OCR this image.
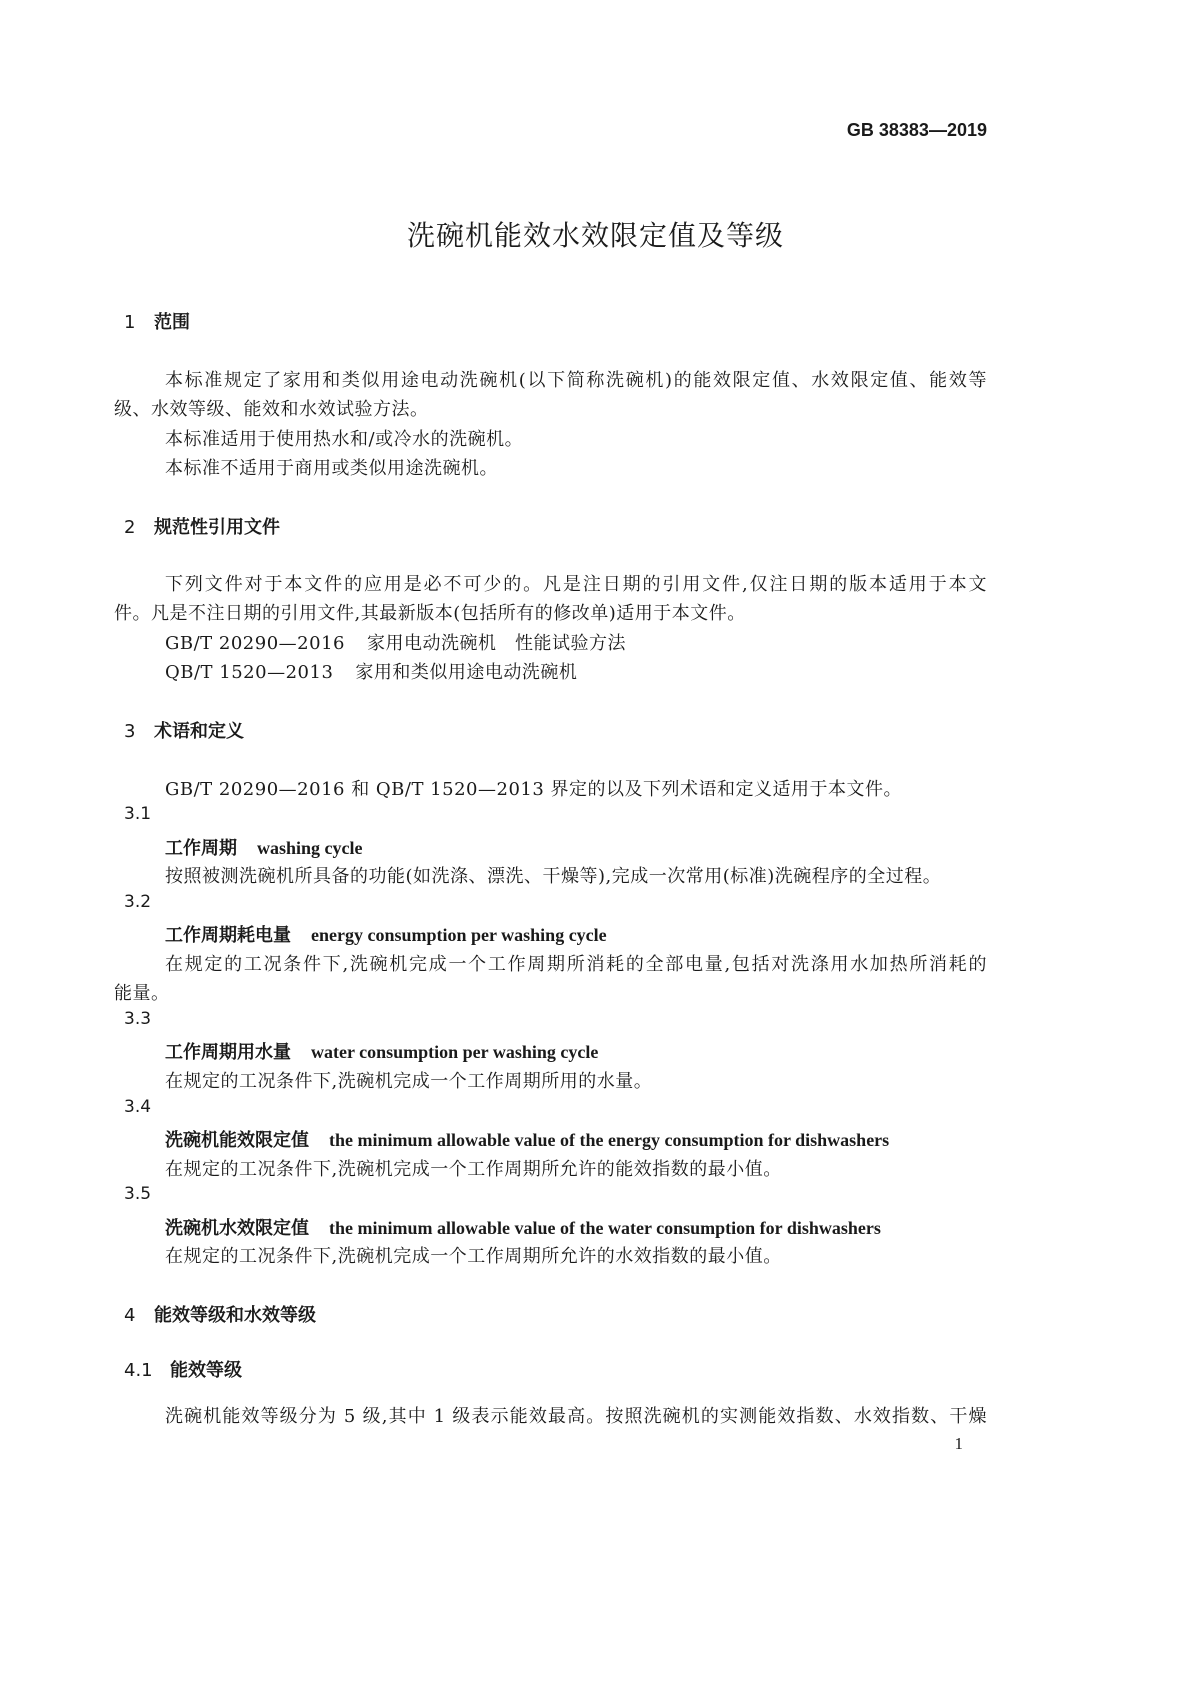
GB 38383—2019
洗碗机能效水效限定值及等级
1 范围
本标准规定了家用和类似用途电动洗碗机(以下简称洗碗机)的能效限定值、水效限定值、能效等
级、水效等级、能效和水效试验方法。
本标准适用于使用热水和/或冷水的洗碗机。
本标准不适用于商用或类似用途洗碗机。
2 规范性引用文件
下列文件对于本文件的应用是必不可少的。凡是注日期的引用文件,仅注日期的版本适用于本文
件。凡是不注日期的引用文件,其最新版本(包括所有的修改单)适用于本文件。
GB/T 20290—2016 家用电动洗碗机　性能试验方法
QB/T 1520—2013 家用和类似用途电动洗碗机
3 术语和定义
GB/T 20290—2016 和 QB/T 1520—2013 界定的以及下列术语和定义适用于本文件。
3.1
工作周期 washing cycle
按照被测洗碗机所具备的功能(如洗涤、漂洗、干燥等),完成一次常用(标准)洗碗程序的全过程。
3.2
工作周期耗电量 energy consumption per washing cycle
在规定的工况条件下,洗碗机完成一个工作周期所消耗的全部电量,包括对洗涤用水加热所消耗的
能量。
3.3
工作周期用水量 water consumption per washing cycle
在规定的工况条件下,洗碗机完成一个工作周期所用的水量。
3.4
洗碗机能效限定值 the minimum allowable value of the energy consumption for dishwashers
在规定的工况条件下,洗碗机完成一个工作周期所允许的能效指数的最小值。
3.5
洗碗机水效限定值 the minimum allowable value of the water consumption for dishwashers
在规定的工况条件下,洗碗机完成一个工作周期所允许的水效指数的最小值。
4 能效等级和水效等级
4.1 能效等级
洗碗机能效等级分为 5 级,其中 1 级表示能效最高。按照洗碗机的实测能效指数、水效指数、干燥
1
